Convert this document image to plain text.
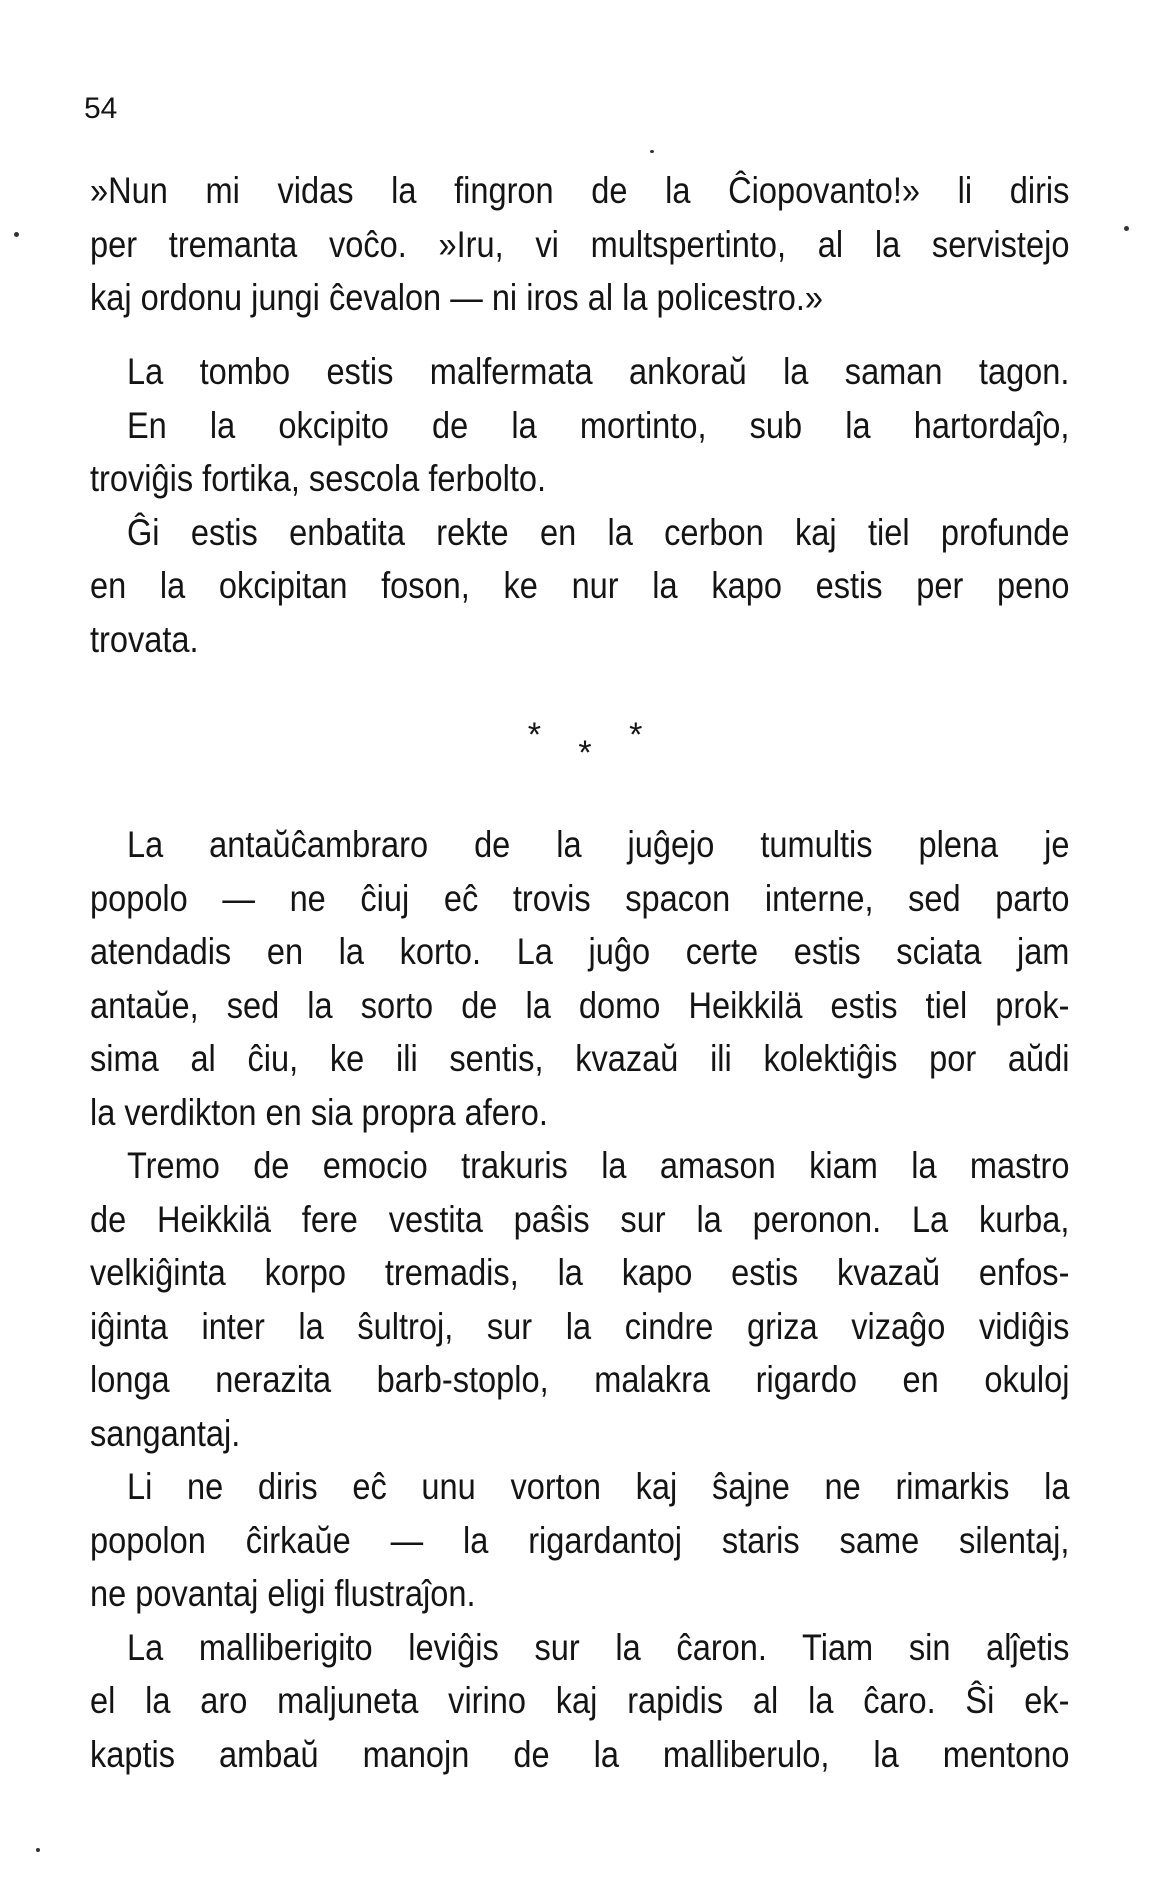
54
»Nun mi vidas la fingron de la Ĉiopovanto!» li diris
per tremanta voĉo. »Iru, vi multspertinto, al la servistejo
kaj ordonu jungi ĉevalon — ni iros al la policestro.»
La tombo estis malfermata ankoraŭ la saman tagon.
En la okcipito de la mortinto, sub la hartordaĵo,
troviĝis fortika, sescola ferbolto.
Ĝi estis enbatita rekte en la cerbon kaj tiel profunde
en la okcipitan foson, ke nur la kapo estis per peno
trovata.
* * *
La antaŭĉambraro de la juĝejo tumultis plena je
popolo — ne ĉiuj eĉ trovis spacon interne, sed parto
atendadis en la korto. La juĝo certe estis sciata jam
antaŭe, sed la sorto de la domo Heikkilä estis tiel prok-
sima al ĉiu, ke ili sentis, kvazaŭ ili kolektiĝis por aŭdi
la verdikton en sia propra afero.
Tremo de emocio trakuris la amason kiam la mastro
de Heikkilä fere vestita paŝis sur la peronon. La kurba,
velkiĝinta korpo tremadis, la kapo estis kvazaŭ enfos-
iĝinta inter la ŝultroj, sur la cindre griza vizaĝo vidiĝis
longa nerazita barb-stoplo, malakra rigardo en okuloj
sangantaj.
Li ne diris eĉ unu vorton kaj ŝajne ne rimarkis la
popolon ĉirkaŭe — la rigardantoj staris same silentaj,
ne povantaj eligi flustraĵon.
La malliberigito leviĝis sur la ĉaron. Tiam sin alĵetis
el la aro maljuneta virino kaj rapidis al la ĉaro. Ŝi ek-
kaptis ambaŭ manojn de la malliberulo, la mentono
